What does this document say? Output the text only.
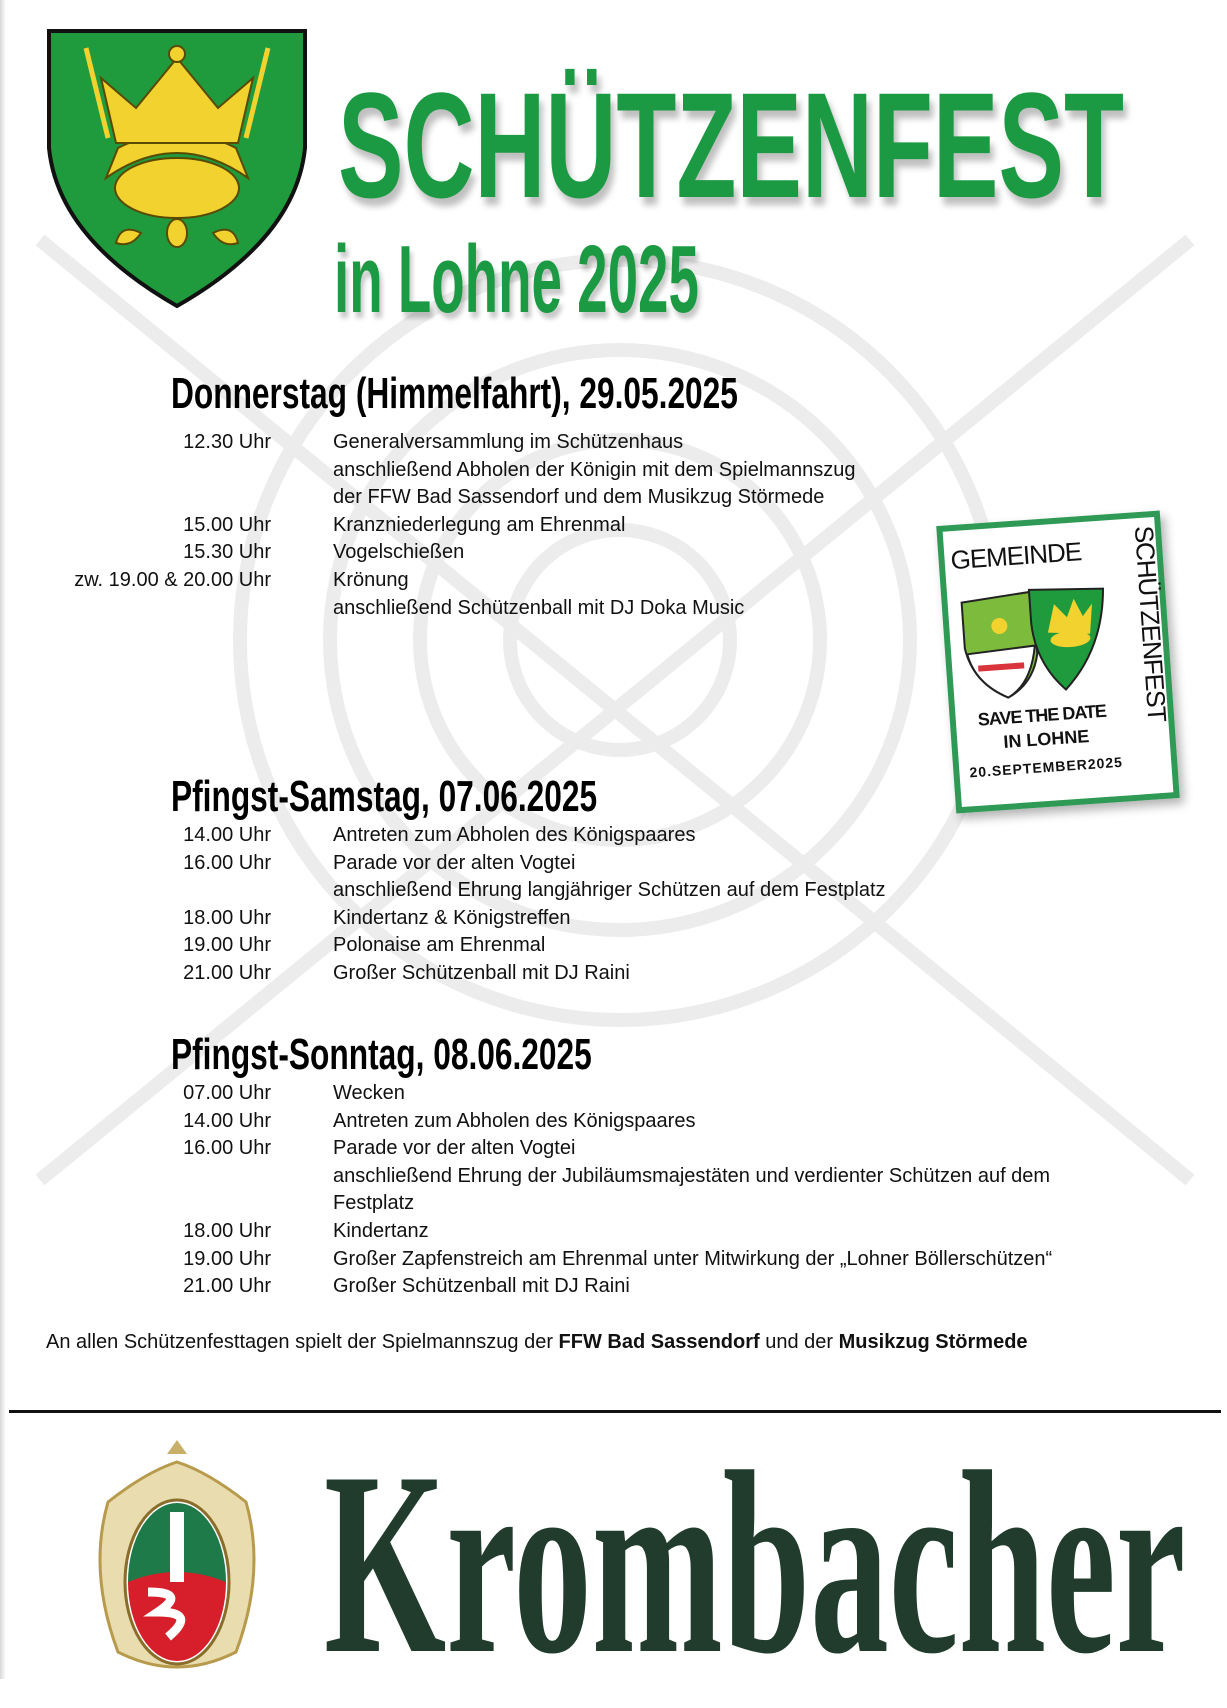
SCHÜTZENFEST
in Lohne 2025
GEMEINDE SCHÜTZENFEST
SAVE THE DATE
IN LOHNE
20.SEPTEMBER2025
Donnerstag (Himmelfahrt), 29.05.2025
12.30 Uhr	Generalversammlung im Schützenhaus
anschließend Abholen der Königin mit dem Spielmannszug
der FFW Bad Sassendorf und dem Musikzug Störmede
15.00 Uhr	Kranzniederlegung am Ehrenmal
15.30 Uhr	Vogelschießen
zw. 19.00 & 20.00 Uhr	Krönung
anschließend Schützenball mit DJ Doka Music
Pfingst-Samstag, 07.06.2025
14.00 Uhr	Antreten zum Abholen des Königspaares
16.00 Uhr	Parade vor der alten Vogtei
anschließend Ehrung langjähriger Schützen auf dem Festplatz
18.00 Uhr	Kindertanz & Königstreffen
19.00 Uhr	Polonaise am Ehrenmal
21.00 Uhr	Großer Schützenball mit DJ Raini
Pfingst-Sonntag, 08.06.2025
07.00 Uhr	Wecken
14.00 Uhr	Antreten zum Abholen des Königspaares
16.00 Uhr	Parade vor der alten Vogtei
anschließend Ehrung der Jubiläumsmajestäten und verdienter Schützen auf dem
Festplatz
18.00 Uhr	Kindertanz
19.00 Uhr	Großer Zapfenstreich am Ehrenmal unter Mitwirkung der „Lohner Böllerschützen“
21.00 Uhr	Großer Schützenball mit DJ Raini
An allen Schützenfesttagen spielt der Spielmannszug der FFW Bad Sassendorf und der Musikzug Störmede
Krombacher
